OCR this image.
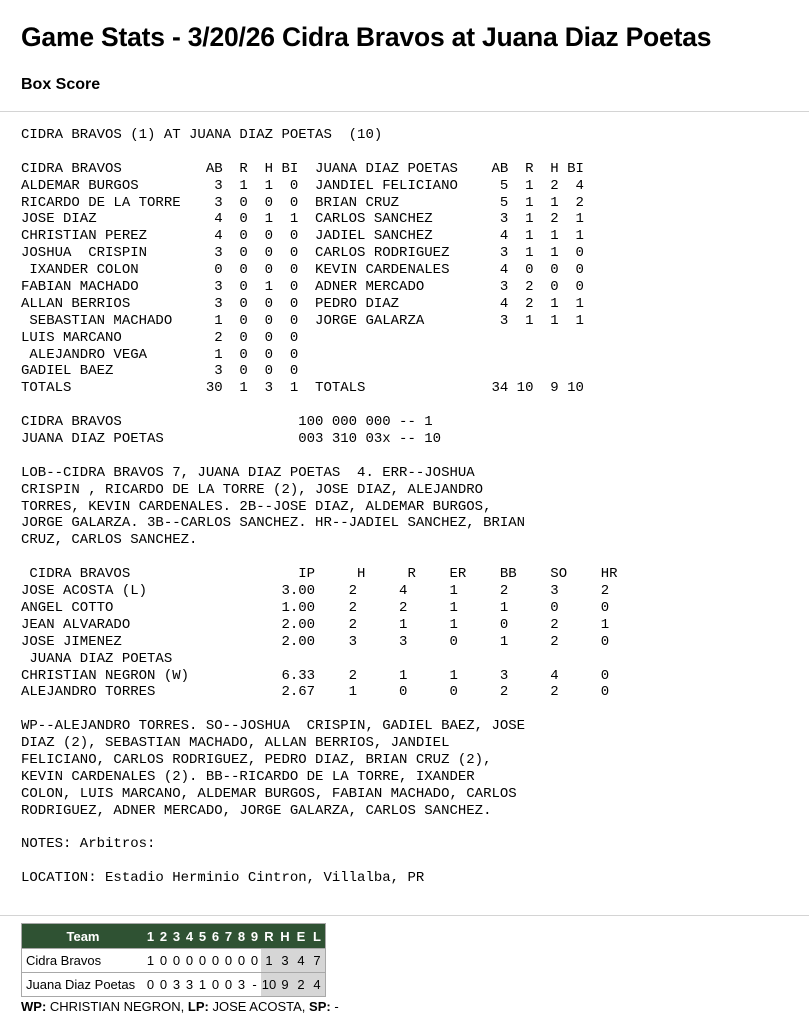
Game Stats - 3/20/26 Cidra Bravos at Juana Diaz Poetas
Box Score
CIDRA BRAVOS (1) AT JUANA DIAZ POETAS  (10)
CIDRA BRAVOS          AB  R  H BI  JUANA DIAZ POETAS    AB  R  H BI
ALDEMAR BURGOS         3  1  1  0  JANDIEL FELICIANO     5  1  2  4
RICARDO DE LA TORRE    3  0  0  0  BRIAN CRUZ            5  1  1  2
JOSE DIAZ              4  0  1  1  CARLOS SANCHEZ        3  1  2  1
CHRISTIAN PEREZ        4  0  0  0  JADIEL SANCHEZ        4  1  1  1
JOSHUA  CRISPIN        3  0  0  0  CARLOS RODRIGUEZ      3  1  1  0
IXANDER COLON         0  0  0  0  KEVIN CARDENALES      4  0  0  0
FABIAN MACHADO         3  0  1  0  ADNER MERCADO         3  2  0  0
ALLAN BERRIOS          3  0  0  0  PEDRO DIAZ            4  2  1  1
SEBASTIAN MACHADO     1  0  0  0  JORGE GALARZA         3  1  1  1
LUIS MARCANO           2  0  0  0
ALEJANDRO VEGA        1  0  0  0
GADIEL BAEZ            3  0  0  0
TOTALS                30  1  3  1  TOTALS               34 10  9 10
CIDRA BRAVOS                     100 000 000 -- 1
JUANA DIAZ POETAS                003 310 03x -- 10
LOB--CIDRA BRAVOS 7, JUANA DIAZ POETAS  4. ERR--JOSHUA
CRISPIN , RICARDO DE LA TORRE (2), JOSE DIAZ, ALEJANDRO
TORRES, KEVIN CARDENALES. 2B--JOSE DIAZ, ALDEMAR BURGOS,
JORGE GALARZA. 3B--CARLOS SANCHEZ. HR--JADIEL SANCHEZ, BRIAN
CRUZ, CARLOS SANCHEZ.
CIDRA BRAVOS                    IP     H     R    ER    BB    SO    HR
JOSE ACOSTA (L)                3.00    2     4     1     2     3     2
ANGEL COTTO                    1.00    2     2     1     1     0     0
JEAN ALVARADO                  2.00    2     1     1     0     2     1
JOSE JIMENEZ                   2.00    3     3     0     1     2     0
JUANA DIAZ POETAS
CHRISTIAN NEGRON (W)           6.33    2     1     1     3     4     0
ALEJANDRO TORRES               2.67    1     0     0     2     2     0
WP--ALEJANDRO TORRES. SO--JOSHUA  CRISPIN, GADIEL BAEZ, JOSE
DIAZ (2), SEBASTIAN MACHADO, ALLAN BERRIOS, JANDIEL
FELICIANO, CARLOS RODRIGUEZ, PEDRO DIAZ, BRIAN CRUZ (2),
KEVIN CARDENALES (2). BB--RICARDO DE LA TORRE, IXANDER
COLON, LUIS MARCANO, ALDEMAR BURGOS, FABIAN MACHADO, CARLOS
RODRIGUEZ, ADNER MERCADO, JORGE GALARZA, CARLOS SANCHEZ.
NOTES: Arbitros:
LOCATION: Estadio Herminio Cintron, Villalba, PR
Team	1	2	3	4	5	6	7	8	9	R	H	E	L
Cidra Bravos	1	0	0	0	0	0	0	0	0	1	3	4	7
Juana Diaz Poetas	0	0	3	3	1	0	0	3	-	10	9	2	4
WP: CHRISTIAN NEGRON, LP: JOSE ACOSTA, SP: -
